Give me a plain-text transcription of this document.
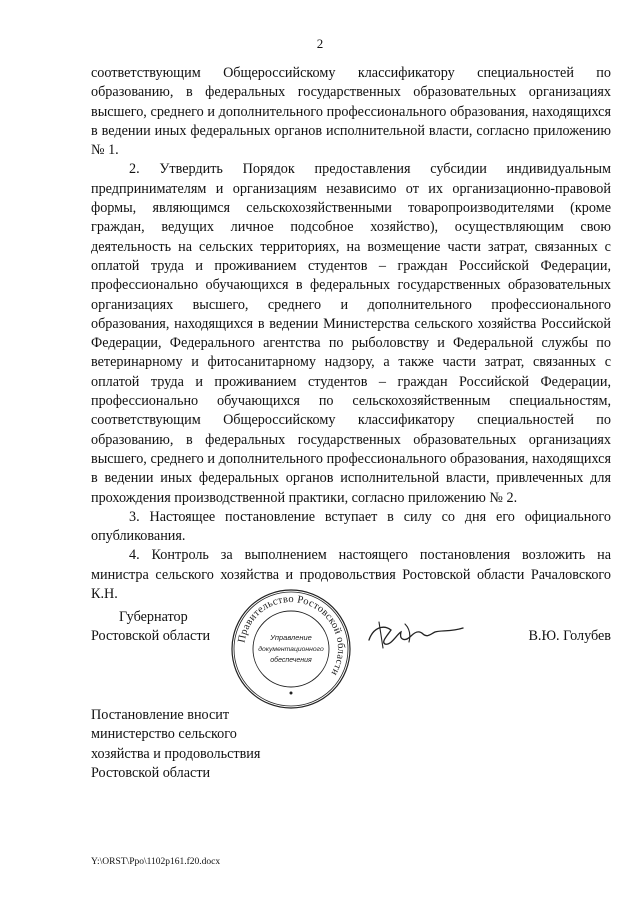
2

соответствующим Общероссийскому классификатору специальностей по образованию, в федеральных государственных образовательных организациях высшего, среднего и дополнительного профессионального образования, находящихся в ведении иных федеральных органов исполнительной власти, согласно приложению № 1.

2. Утвердить Порядок предоставления субсидии индивидуальным предпринимателям и организациям независимо от их организационно-правовой формы, являющимся сельскохозяйственными товаропроизводителями (кроме граждан, ведущих личное подсобное хозяйство), осуществляющим свою деятельность на сельских территориях, на возмещение части затрат, связанных с оплатой труда и проживанием студентов – граждан Российской Федерации, профессионально обучающихся в федеральных государственных образовательных организациях высшего, среднего и дополнительного профессионального образования, находящихся в ведении Министерства сельского хозяйства Российской Федерации, Федерального агентства по рыболовству и Федеральной службы по ветеринарному и фитосанитарному надзору, а также части затрат, связанных с оплатой труда и проживанием студентов – граждан Российской Федерации, профессионально обучающихся по сельскохозяйственным специальностям, соответствующим Общероссийскому классификатору специальностей по образованию, в федеральных государственных образовательных организациях высшего, среднего и дополнительного профессионального образования, находящихся в ведении иных федеральных органов исполнительной власти, привлеченных для прохождения производственной практики, согласно приложению № 2.

3. Настоящее постановление вступает в силу со дня его официального опубликования.

4. Контроль за выполнением настоящего постановления возложить на министра сельского хозяйства и продовольствия Ростовской области Рачаловского К.Н.

Губернатор
Ростовской области Правительство Ростовской области
Управление
документационного
обеспечения
В.Ю. Голубев
Постановление вносит
министерство сельского
хозяйства и продовольствия
Ростовской области
Y:\ORST\Ppo\1102p161.f20.docx
